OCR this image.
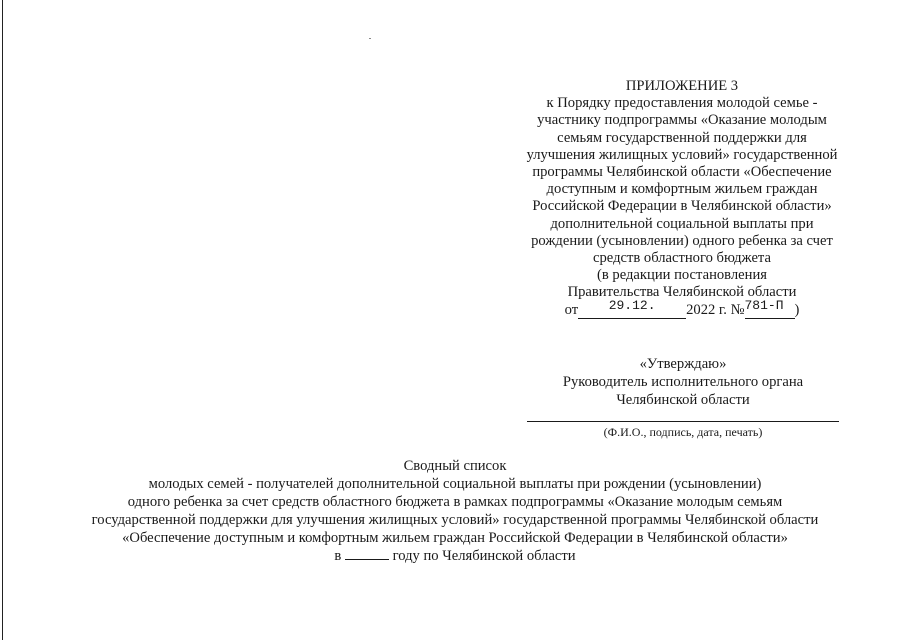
ПРИЛОЖЕНИЕ 3
к Порядку предоставления молодой семье -
участнику подпрограммы «Оказание молодым
семьям государственной поддержки для
улучшения жилищных условий» государственной
программы Челябинской области «Обеспечение
доступным и комфортным жильем граждан
Российской Федерации в Челябинской области»
дополнительной социальной выплаты при
рождении (усыновлении) одного ребенка за счет
средств областного бюджета
(в редакции постановления
Правительства Челябинской области
от 29.12. 2022 г. №781-П )
«Утверждаю»
Руководитель исполнительного органа
Челябинской области
(Ф.И.О., подпись, дата, печать)
Сводный список
молодых семей - получателей дополнительной социальной выплаты при рождении (усыновлении)
одного ребенка за счет средств областного бюджета в рамках подпрограммы «Оказание молодым семьям
государственной поддержки для улучшения жилищных условий» государственной программы Челябинской области
«Обеспечение доступным и комфортным жильем граждан Российской Федерации в Челябинской области»
в	году по Челябинской области
